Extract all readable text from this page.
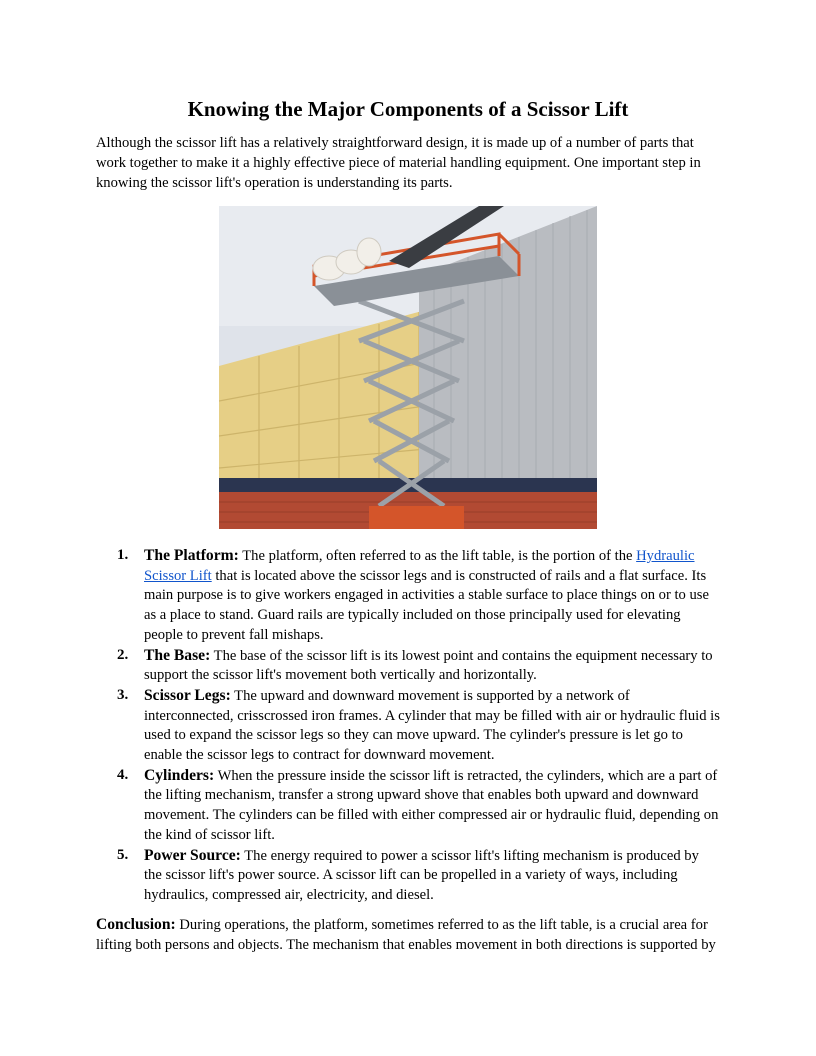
Knowing the Major Components of a Scissor Lift

Although the scissor lift has a relatively straightforward design, it is made up of a number of parts that work together to make it a highly effective piece of material handling equipment. One important step in knowing the scissor lift's operation is understanding its parts.

1. The Platform: The platform, often referred to as the lift table, is the portion of the Hydraulic Scissor Lift that is located above the scissor legs and is constructed of rails and a flat surface. Its main purpose is to give workers engaged in activities a stable surface to place things on or to use as a place to stand. Guard rails are typically included on those principally used for elevating people to prevent fall mishaps.
2. The Base: The base of the scissor lift is its lowest point and contains the equipment necessary to support the scissor lift's movement both vertically and horizontally.
3. Scissor Legs: The upward and downward movement is supported by a network of interconnected, crisscrossed iron frames. A cylinder that may be filled with air or hydraulic fluid is used to expand the scissor legs so they can move upward. The cylinder's pressure is let go to enable the scissor legs to contract for downward movement.
4. Cylinders: When the pressure inside the scissor lift is retracted, the cylinders, which are a part of the lifting mechanism, transfer a strong upward shove that enables both upward and downward movement. The cylinders can be filled with either compressed air or hydraulic fluid, depending on the kind of scissor lift.
5. Power Source: The energy required to power a scissor lift's lifting mechanism is produced by the scissor lift's power source. A scissor lift can be propelled in a variety of ways, including hydraulics, compressed air, electricity, and diesel.

Conclusion: During operations, the platform, sometimes referred to as the lift table, is a crucial area for lifting both persons and objects. The mechanism that enables movement in both directions is supported by
